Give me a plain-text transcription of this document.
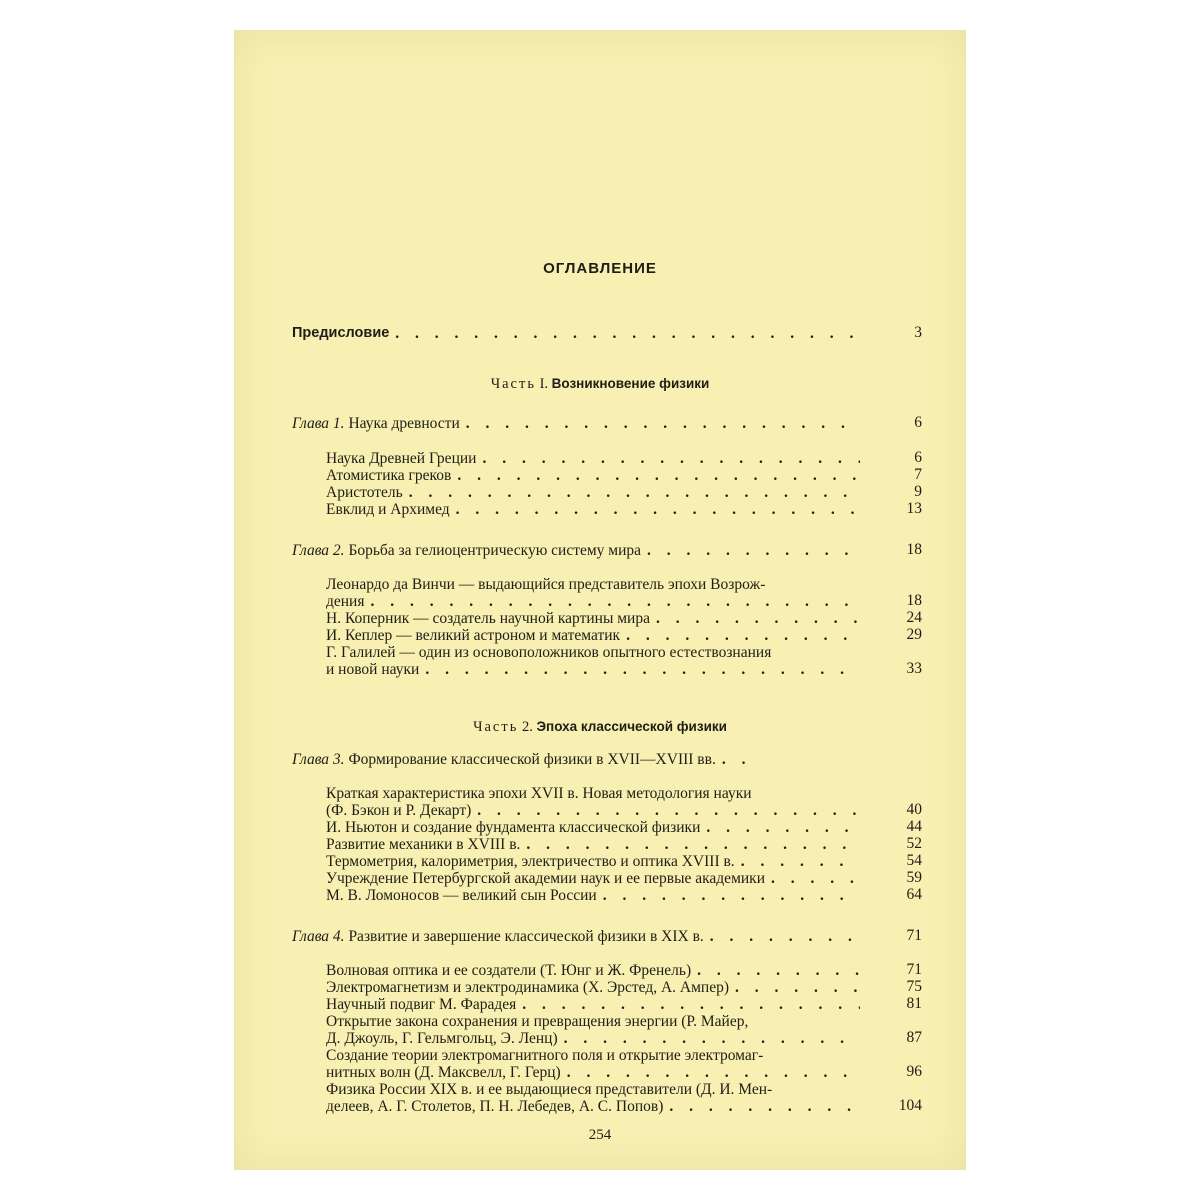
ОГЛАВЛЕНИЕ
Предисловие . . .	3
Часть I. Возникновение физики
Глава 1. Наука древности . . .	6
Наука Древней Греции . . .	6
Атомистика греков . . .	7
Аристотель . . .	9
Евклид и Архимед . . .	13
Глава 2. Борьба за гелиоцентрическую систему мира . . .	18
Леонардо да Винчи — выдающийся представитель эпохи Возрож-
дения . . .	18
Н. Коперник — создатель научной картины мира . . .	24
И. Кеплер — великий астроном и математик . . .	29
Г. Галилей — один из основоположников опытного естествознания
и новой науки . . .	33
Часть 2. Эпоха классической физики
Глава 3. Формирование классической физики в XVII—XVIII вв.
. . .
Краткая характеристика эпохи XVII в. Новая методология науки
(Ф. Бэкон и Р. Декарт) . . .	40
И. Ньютон и создание фундамента классической физики . . .	44
Развитие механики в XVIII в. . . .	52
Термометрия, калориметрия, электричество и оптика XVIII в. . . .	54
Учреждение Петербургской академии наук и ее первые академики . . .	59
М. В. Ломоносов — великий сын России . . .	64
Глава 4. Развитие и завершение классической физики в XIX в. . . .	71
Волновая оптика и ее создатели (Т. Юнг и Ж. Френель) . . .	71
Электромагнетизм и электродинамика (Х. Эрстед, А. Ампер) . . .	75
Научный подвиг М. Фарадея . . .	81
Открытие закона сохранения и превращения энергии (Р. Майер,
Д. Джоуль, Г. Гельмгольц, Э. Ленц) . . .	87
Создание теории электромагнитного поля и открытие электромаг-
нитных волн (Д. Максвелл, Г. Герц) . . .	96
Физика России XIX в. и ее выдающиеся представители (Д. И. Мен-
делеев, А. Г. Столетов, П. Н. Лебедев, А. С. Попов) . . .	104
254
